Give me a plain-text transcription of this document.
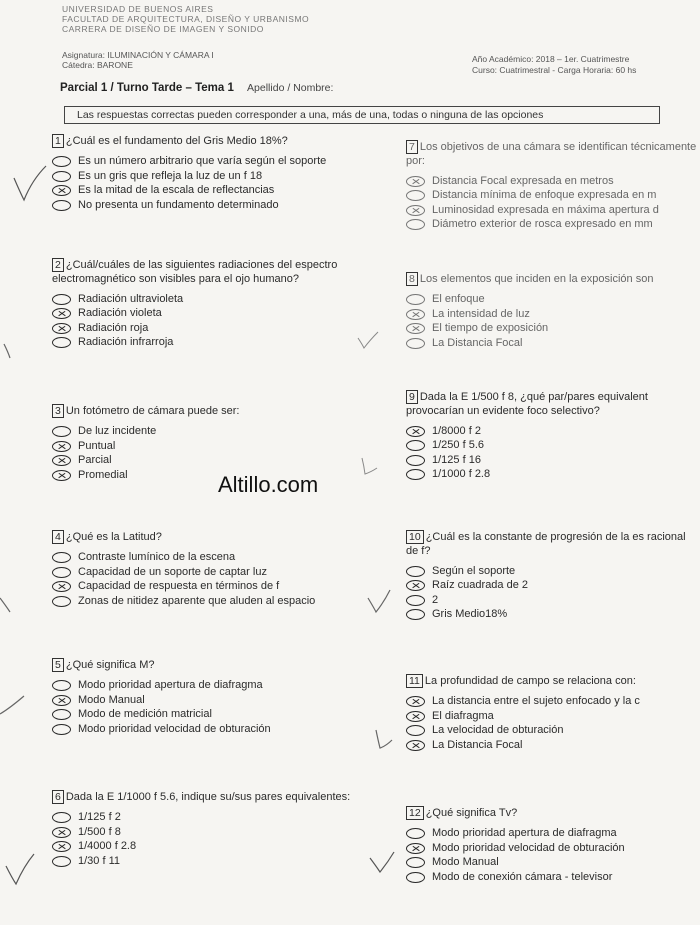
UNIVERSIDAD DE BUENOS AIRES
FACULTAD DE ARQUITECTURA, DISEÑO Y URBANISMO
CARRERA DE DISEÑO DE IMAGEN Y SONIDO
Asignatura: ILUMINACIÓN Y CÁMARA I
Cátedra: BARONE
Año Académico: 2018 – 1er. Cuatrimestre
Curso: Cuatrimestral - Carga Horaria: 60 hs
Parcial 1 / Turno Tarde – Tema 1 Apellido / Nombre:
Las respuestas correctas pueden corresponder a una, más de una, todas o ninguna de las opciones
Altillo.com
1 ¿Cuál es el fundamento del Gris Medio 18%?
Es un número arbitrario que varía según el soporte
Es un gris que refleja la luz de un f 18
Es la mitad de la escala de reflectancias
No presenta un fundamento determinado
2 ¿Cuál/cuáles de las siguientes radiaciones del espectro electromagnético son visibles para el ojo humano?
Radiación ultravioleta
Radiación violeta
Radiación roja
Radiación infrarroja
3 Un fotómetro de cámara puede ser:
De luz incidente
Puntual
Parcial
Promedial
4 ¿Qué es la Latitud?
Contraste lumínico de la escena
Capacidad de un soporte de captar luz
Capacidad de respuesta en términos de f
Zonas de nitidez aparente que aluden al espacio
5 ¿Qué significa M?
Modo prioridad apertura de diafragma
Modo Manual
Modo de medición matricial
Modo prioridad velocidad de obturación
6 Dada la E 1/1000 f 5.6, indique su/sus pares equivalentes:
1/125 f 2
1/500 f 8
1/4000 f 2.8
1/30 f 11
7 Los objetivos de una cámara se identifican técnicamente por:
Distancia Focal expresada en metros
Distancia mínima de enfoque expresada en m
Luminosidad expresada en máxima apertura d
Diámetro exterior de rosca expresado en mm
8 Los elementos que inciden en la exposición son
El enfoque
La intensidad de luz
El tiempo de exposición
La Distancia Focal
9 Dada la E 1/500 f 8, ¿qué par/pares equivalent provocarían un evidente foco selectivo?
1/8000 f 2
1/250 f 5.6
1/125 f 16
1/1000 f 2.8
10 ¿Cuál es la constante de progresión de la es racional de f?
Según el soporte
Raíz cuadrada de 2
2
Gris Medio18%
11 La profundidad de campo se relaciona con:
La distancia entre el sujeto enfocado y la c
El diafragma
La velocidad de obturación
La Distancia Focal
12 ¿Qué significa Tv?
Modo prioridad apertura de diafragma
Modo prioridad velocidad de obturación
Modo Manual
Modo de conexión cámara - televisor
